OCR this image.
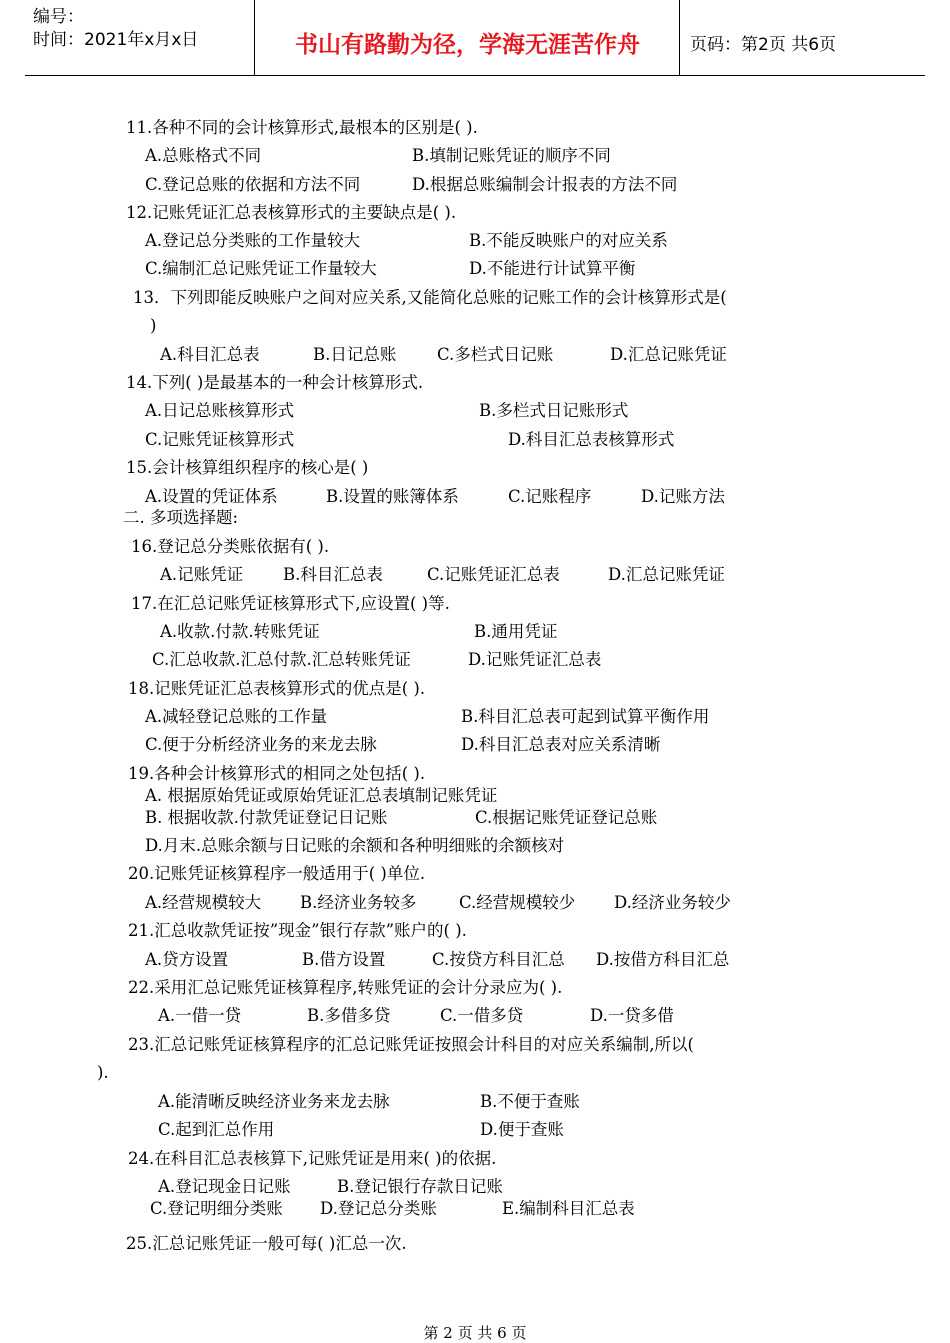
编号：
时间：2021年x月x日	书山有路勤为径，学海无涯苦作舟	页码：第2页 共6页
11.各种不同的会计核算形式,最根本的区别是( ).
A.总账格式不同	B.填制记账凭证的顺序不同
C.登记总账的依据和方法不同	D.根据总账编制会计报表的方法不同
12.记账凭证汇总表核算形式的主要缺点是( ).
A.登记总分类账的工作量较大	B.不能反映账户的对应关系
C.编制汇总记账凭证工作量较大	D.不能进行计试算平衡
13．下列即能反映账户之间对应关系,又能简化总账的记账工作的会计核算形式是(
)
A.科目汇总表	B.日记总账 C.多栏式日记账	D.汇总记账凭证
14.下列( )是最基本的一种会计核算形式.
A.日记总账核算形式	B.多栏式日记账形式
C.记账凭证核算形式	D.科目汇总表核算形式
15.会计核算组织程序的核心是( )
A.设置的凭证体系	B.设置的账簿体系	C.记账程序	D.记账方法
二. 多项选择题:
16.登记总分类账依据有( ).
A.记账凭证 B.科目汇总表	C.记账凭证汇总表	D.汇总记账凭证
17.在汇总记账凭证核算形式下,应设置( )等.
A.收款.付款.转账凭证	B.通用凭证
C.汇总收款.汇总付款.汇总转账凭证	D.记账凭证汇总表
18.记账凭证汇总表核算形式的优点是( ).
A.减轻登记总账的工作量	B.科目汇总表可起到试算平衡作用
C.便于分析经济业务的来龙去脉	D.科目汇总表对应关系清晰
19.各种会计核算形式的相同之处包括( ).
A. 根据原始凭证或原始凭证汇总表填制记账凭证
B. 根据收款.付款凭证登记日记账	C.根据记账凭证登记总账
D.月末.总账余额与日记账的余额和各种明细账的余额核对
20.记账凭证核算程序一般适用于( )单位.
A.经营规模较大 B.经济业务较多	C.经营规模较少 D.经济业务较少
21.汇总收款凭证按”现金”银行存款”账户的( ).
A.贷方设置	B.借方设置	C.按贷方科目汇总 D.按借方科目汇总
22.采用汇总记账凭证核算程序,转账凭证的会计分录应为( ).
A.一借一贷	B.多借多贷	C.一借多贷	D.一贷多借
23.汇总记账凭证核算程序的汇总记账凭证按照会计科目的对应关系编制,所以(
).
A.能清晰反映经济业务来龙去脉	B.不便于查账
C.起到汇总作用	D.便于查账
24.在科目汇总表核算下,记账凭证是用来( )的依据.
A.登记现金日记账	B.登记银行存款日记账
C.登记明细分类账 D.登记总分类账	E.编制科目汇总表
25.汇总记账凭证一般可每( )汇总一次.
第 2 页 共 6 页
